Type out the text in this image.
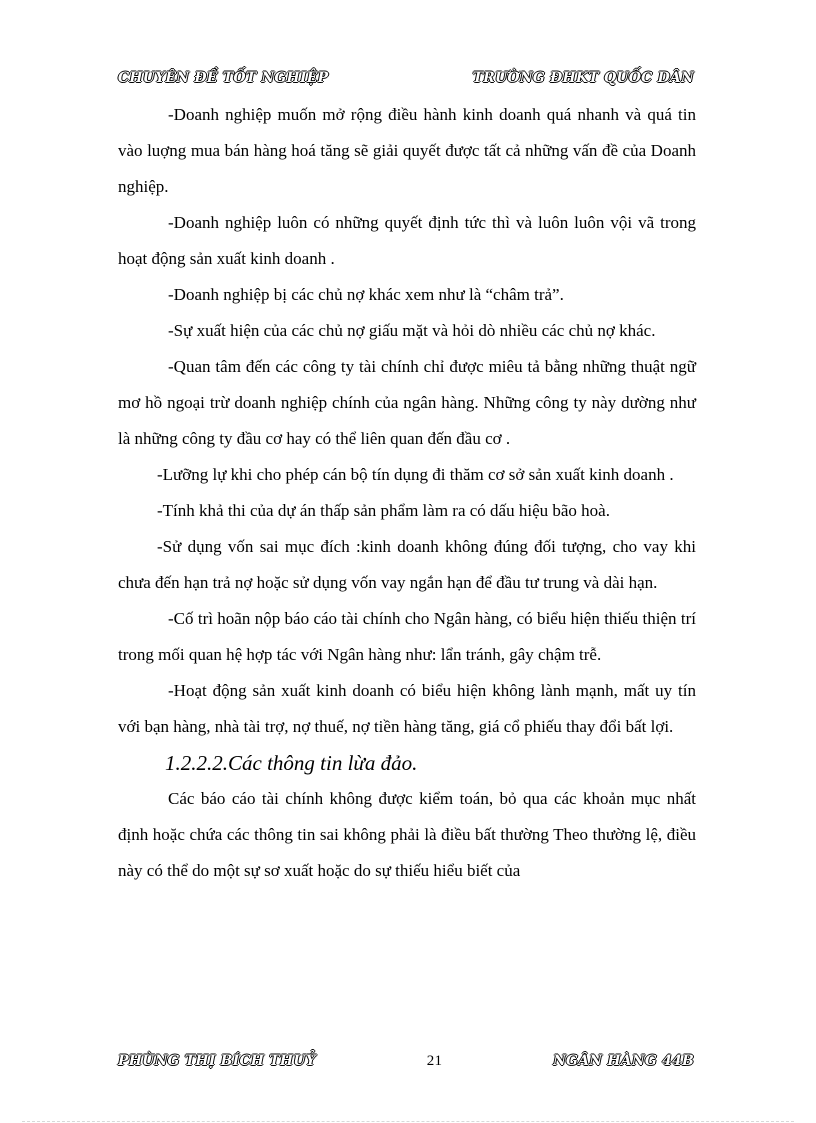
CHUYÊN ĐỀ TỐT NGHIỆP	TRƯỜNG ĐHKT QUỐC DÂN

-Doanh nghiệp muốn mở rộng điều hành kinh doanh quá nhanh và quá tin vào luợng mua bán hàng hoá tăng sẽ giải quyết được tất cả những vấn đề của Doanh nghiệp.

-Doanh nghiệp luôn có những quyết định tức thì và luôn luôn vội vã trong hoạt động sản xuất kinh doanh .

-Doanh nghiệp bị các chủ nợ khác xem như là “châm trả”.

-Sự xuất hiện của các chủ nợ giấu mặt và hỏi dò nhiều các chủ nợ khác.

-Quan tâm đến các công ty tài chính chỉ được miêu tả bằng những thuật ngữ mơ hồ ngoại trừ doanh nghiệp chính của ngân hàng. Những công ty này dường như là những công ty đầu cơ hay có thể liên quan đến đầu cơ .

-Lưỡng lự khi cho phép cán bộ tín dụng đi thăm cơ sở sản xuất kinh doanh .

-Tính khả thi của dự án thấp sản phẩm làm ra có dấu hiệu bão hoà.

-Sử dụng vốn sai mục đích :kinh doanh không đúng đối tượng, cho vay khi chưa đến hạn trả nợ hoặc sử dụng vốn vay ngắn hạn để đầu tư trung và dài hạn.

-Cố trì hoãn nộp báo cáo tài chính cho Ngân hàng, có biểu hiện thiếu thiện trí trong mối quan hệ hợp tác với Ngân hàng như: lẩn tránh, gây chậm trễ.

-Hoạt động sản xuất kinh doanh có biểu hiện không lành mạnh, mất uy tín với bạn hàng, nhà tài trợ, nợ thuế, nợ tiền hàng tăng, giá cổ phiếu thay đổi bất lợi.

1.2.2.2.Các thông tin lừa đảo.

Các báo cáo tài chính không được kiểm toán, bỏ qua các khoản mục nhất định hoặc chứa các thông tin sai không phải là điều bất thường Theo thường lệ, điều này có thể do một sự sơ xuất hoặc do sự thiếu hiểu biết của

PHÙNG THỊ BÍCH THUỶ	21	NGÂN HÀNG 44B
